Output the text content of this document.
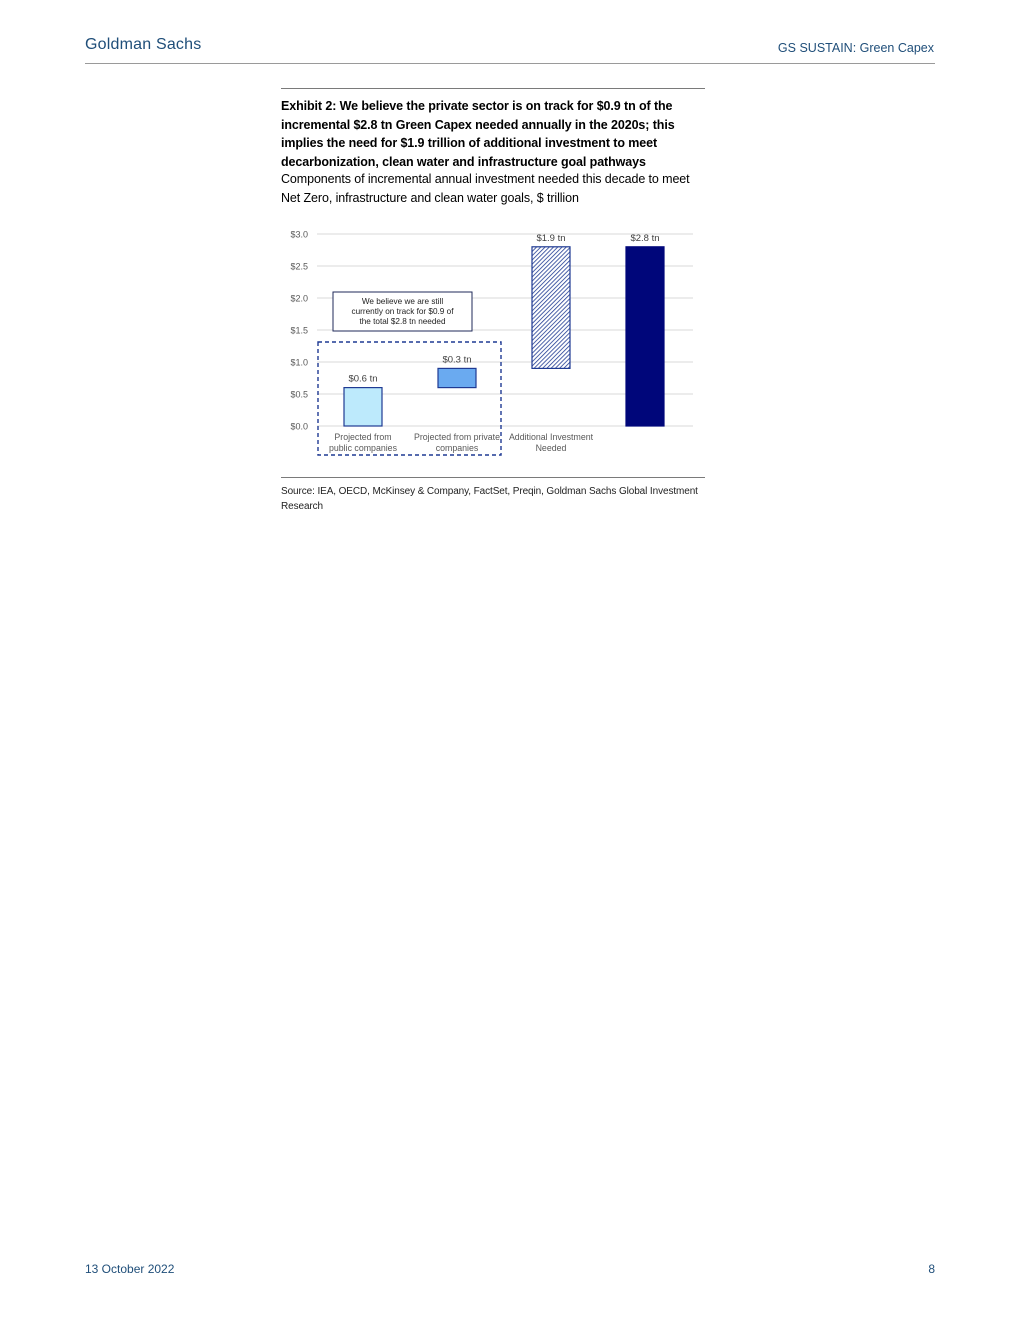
Goldman Sachs	GS SUSTAIN: Green Capex
Exhibit 2: We believe the private sector is on track for $0.9 tn of the incremental $2.8 tn Green Capex needed annually in the 2020s; this implies the need for $1.9 trillion of additional investment to meet decarbonization, clean water and infrastructure goal pathways
Components of incremental annual investment needed this decade to meet Net Zero, infrastructure and clean water goals, $ trillion
$0.0
$0.5
$1.0
$1.5
$2.0
$2.5
$3.0
We believe we are still
currently on track for $0.9 of
the total $2.8 tn needed
$0.6 tn
$0.3 tn
$1.9 tn	$2.8 tn
Projected from
public companies
Projected from private
companies
Additional Investment
Needed
Source: IEA, OECD, McKinsey & Company, FactSet, Preqin, Goldman Sachs Global Investment Research
13 October 2022	8
